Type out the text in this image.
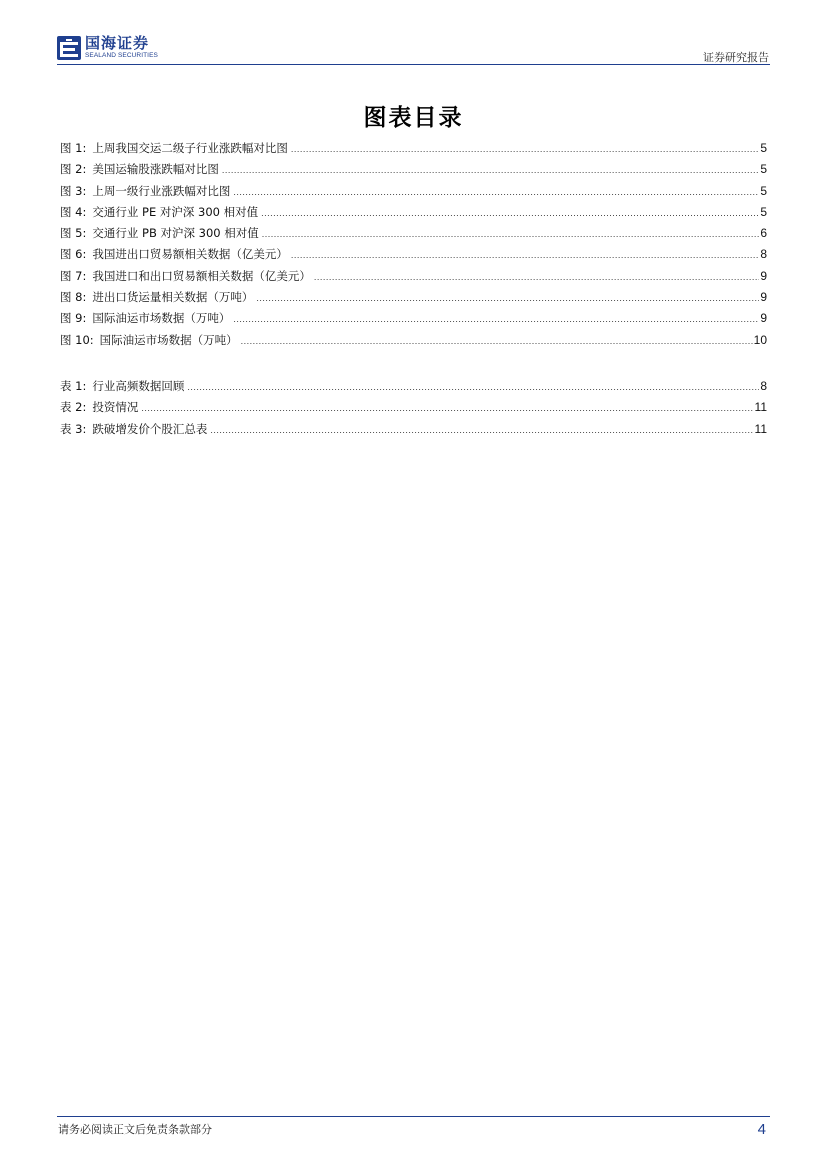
国海证券
SEALAND SECURITIES	证券研究报告
图表目录
图 1: 上周我国交运二级子行业涨跌幅对比图 .....	5
图 2: 美国运输股涨跌幅对比图 .....	5
图 3: 上周一级行业涨跌幅对比图 .....	5
图 4: 交通行业 PE 对沪深 300 相对值 .....	5
图 5: 交通行业 PB 对沪深 300 相对值 .....	6
图 6: 我国进出口贸易额相关数据（亿美元） .....	8
图 7: 我国进口和出口贸易额相关数据（亿美元） .....	9
图 8: 进出口货运量相关数据（万吨） .....	9
图 9: 国际油运市场数据（万吨） .....	9
图 10: 国际油运市场数据（万吨） .....	10
表 1: 行业高频数据回顾 .....	8
表 2: 投资情况 .....	11
表 3: 跌破增发价个股汇总表 .....	11
请务必阅读正文后免责条款部分	4
